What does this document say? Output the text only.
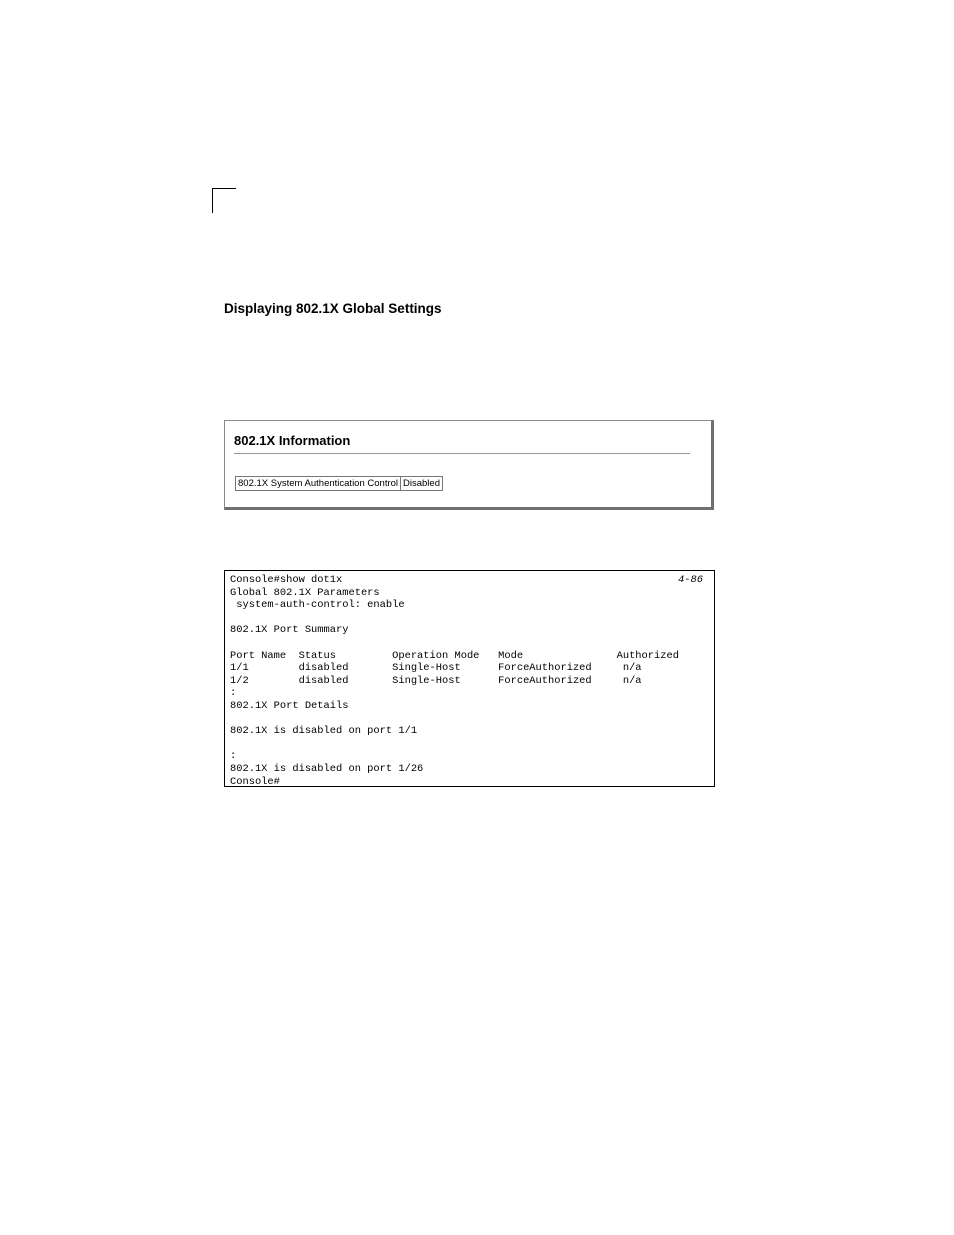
Displaying 802.1X Global Settings
802.1X Information
802.1X System Authentication Control	Disabled
Console#show dot1x
Global 802.1X Parameters
system-auth-control: enable

802.1X Port Summary

Port Name  Status         Operation Mode   Mode               Authorized
1/1        disabled       Single-Host      ForceAuthorized     n/a
1/2        disabled       Single-Host      ForceAuthorized     n/a
:
802.1X Port Details

802.1X is disabled on port 1/1

:
802.1X is disabled on port 1/26
Console#
4-86
